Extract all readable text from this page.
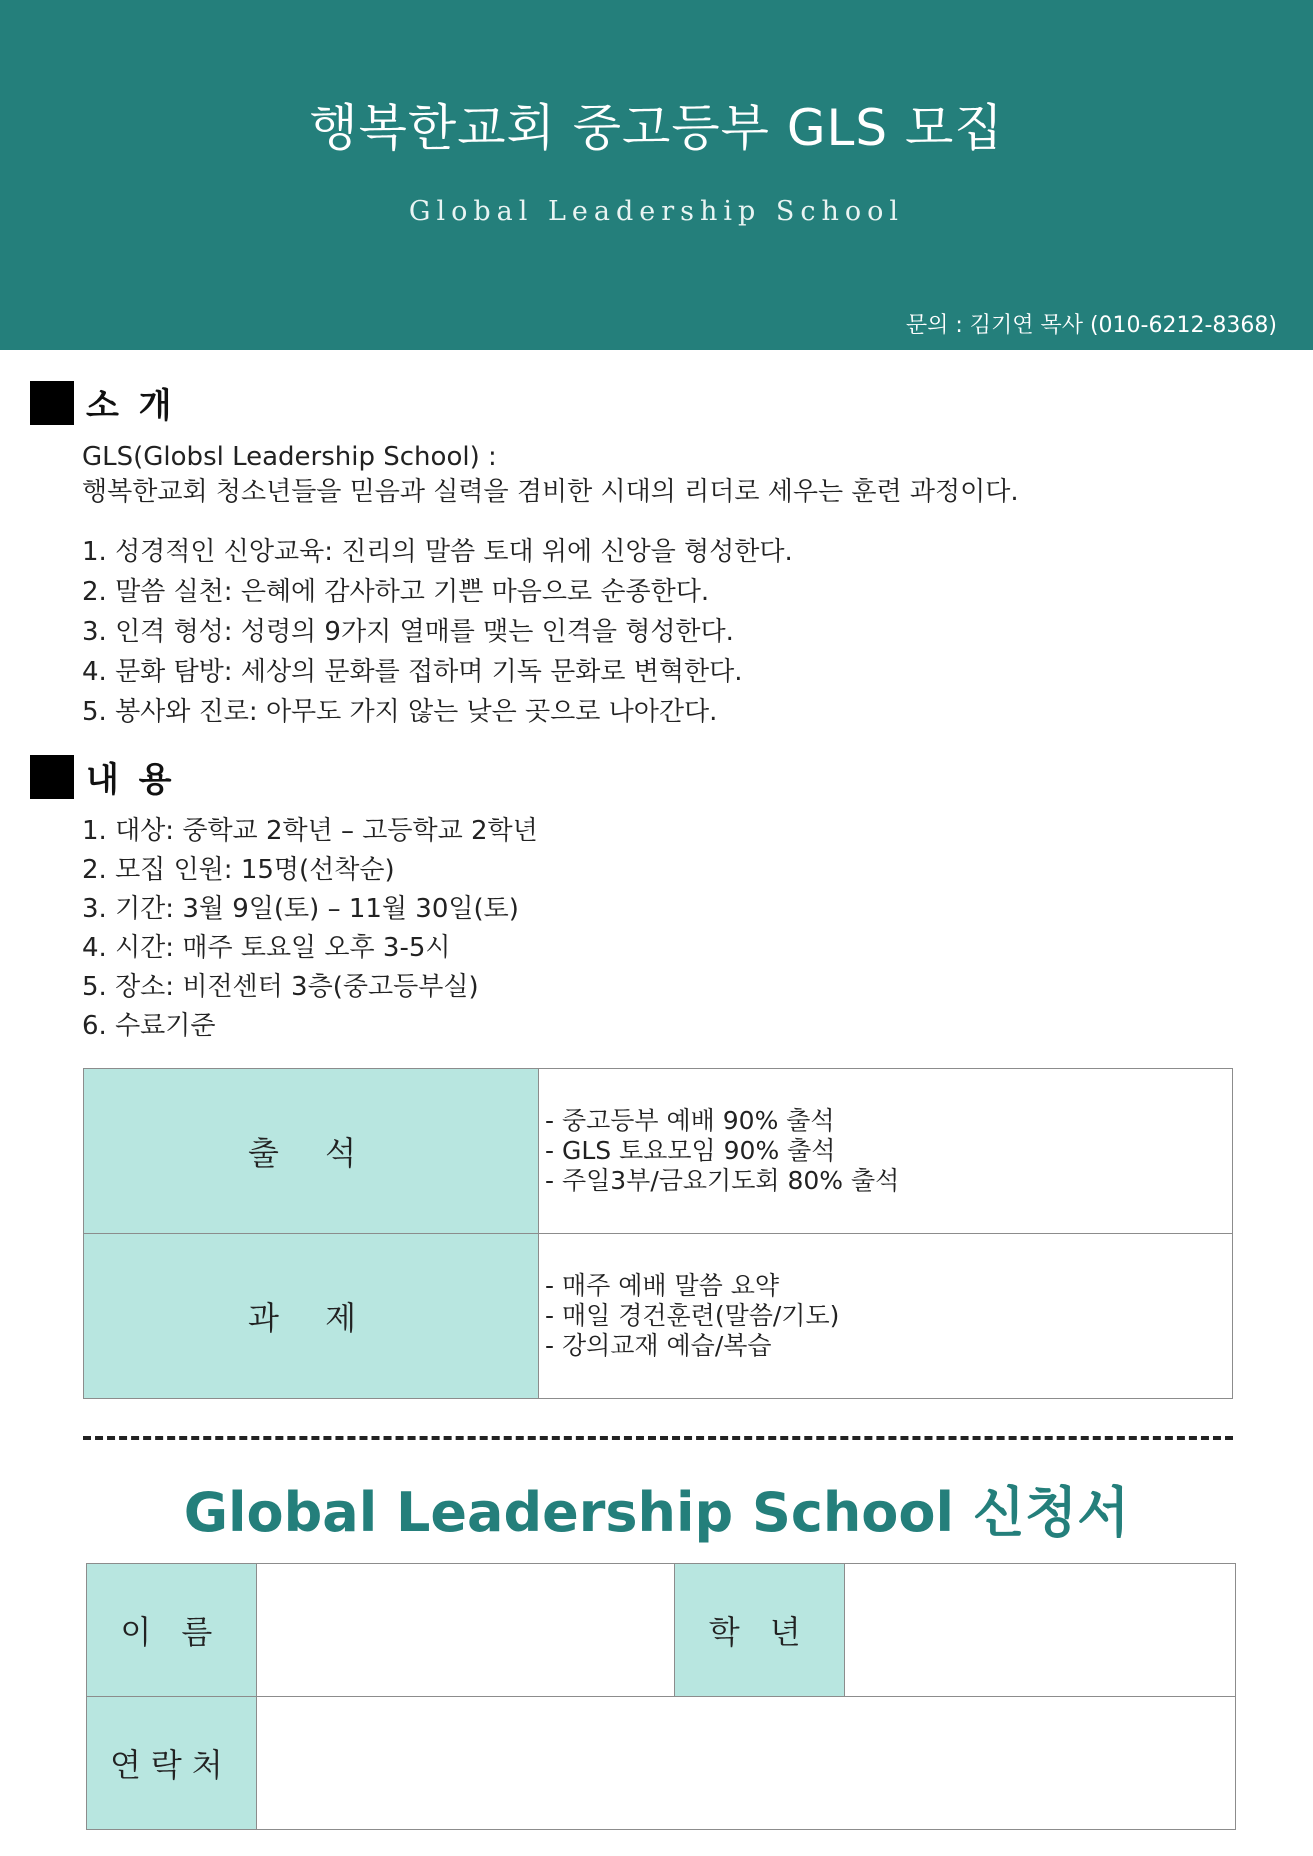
행복한교회 중고등부 GLS 모집
Global Leadership School
문의 : 김기연 목사 (010-6212-8368)
소 개
GLS(Globsl Leadership School) :
행복한교회 청소년들을 믿음과 실력을 겸비한 시대의 리더로 세우는 훈련 과정이다.
1. 성경적인 신앙교육: 진리의 말씀 토대 위에 신앙을 형성한다.
2. 말씀 실천: 은혜에 감사하고 기쁜 마음으로 순종한다.
3. 인격 형성: 성령의 9가지 열매를 맺는 인격을 형성한다.
4. 문화 탐방: 세상의 문화를 접하며 기독 문화로 변혁한다.
5. 봉사와 진로: 아무도 가지 않는 낮은 곳으로 나아간다.
내 용
1. 대상: 중학교 2학년 – 고등학교 2학년
2. 모집 인원: 15명(선착순)
3. 기간: 3월 9일(토) – 11월 30일(토)
4. 시간: 매주 토요일 오후 3-5시
5. 장소: 비전센터 3층(중고등부실)
6. 수료기준
출 석	- 중고등부 예배 90% 출석
- GLS 토요모임 90% 출석
- 주일3부/금요기도회 80% 출석

과 제	- 매주 예배 말씀 요약
- 매일 경건훈련(말씀/기도)
- 강의교재 예습/복습
Global Leadership School 신청서
이 름		학 년	
연락처			
